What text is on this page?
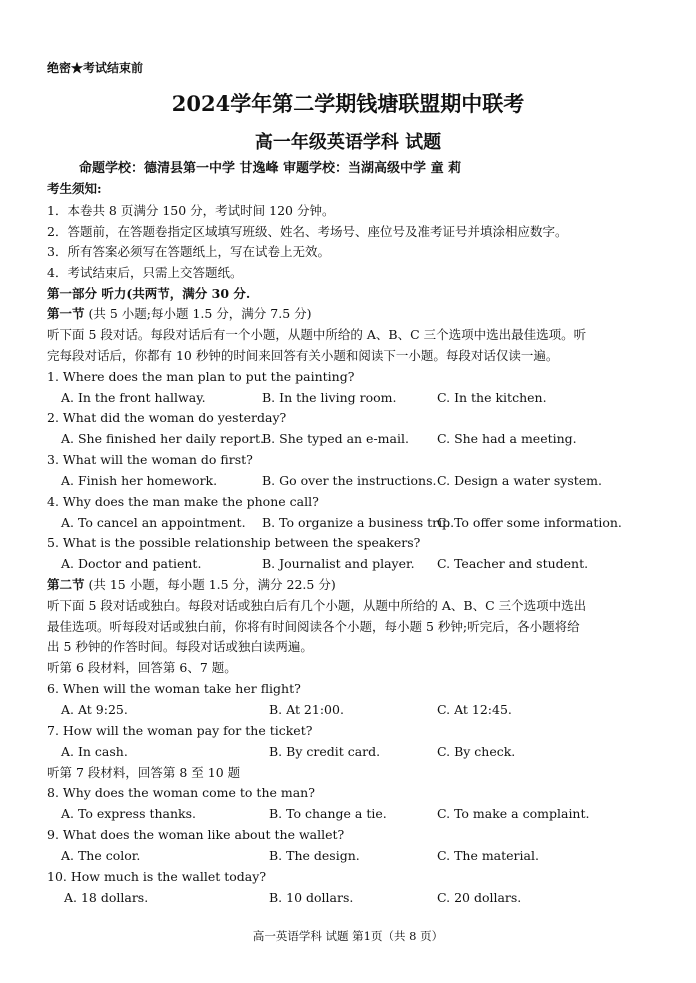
绝密★考试结束前
2024学年第二学期钱塘联盟期中联考
高一年级英语学科 试题
命题学校：德清县第一中学 甘逸峰 审题学校：当湖高级中学 童 莉
考生须知:
1．本卷共 8 页满分 150 分，考试时间 120 分钟。
2．答题前，在答题卷指定区域填写班级、姓名、考场号、座位号及准考证号并填涂相应数字。
3．所有答案必须写在答题纸上，写在试卷上无效。
4．考试结束后，只需上交答题纸。
第一部分 听力(共两节，满分 30 分.
第一节 (共 5 小题;每小题 1.5 分，满分 7.5 分)
听下面 5 段对话。每段对话后有一个小题，从题中所给的 A、B、C 三个选项中选出最佳选项。听
完每段对话后，你都有 10 秒钟的时间来回答有关小题和阅读下一小题。每段对话仅读一遍。
1. Where does the man plan to put the painting?
A. In the front hallway.	B. In the living room.	C. In the kitchen.
2. What did the woman do yesterday?
A. She finished her daily report.
B. She typed an e-mail. C. She had a meeting.
3. What will the woman do first?
A. Finish her homework.	B. Go over the instructions. C. Design a water system.
4. Why does the man make the phone call?
A. To cancel an appointment. B. To organize a business trip.
C. To offer some information.
5. What is the possible relationship between the speakers?
A. Doctor and patient.	B. Journalist and player. C. Teacher and student.
第二节 (共 15 小题，每小题 1.5 分，满分 22.5 分)
听下面 5 段对话或独白。每段对话或独白后有几个小题，从题中所给的 A、B、C 三个选项中选出
最佳选项。听每段对话或独白前，你将有时间阅读各个小题，每小题 5 秒钟;听完后，各小题将给
出 5 秒钟的作答时间。每段对话或独白读两遍。
听第 6 段材料，回答第 6、7 题。
6. When will the woman take her flight?
A. At 9:25.	B. At 21:00.	C. At 12:45.
7. How will the woman pay for the ticket?
A. In cash.	B. By credit card.	C. By check.
听第 7 段材料，回答第 8 至 10 题
8. Why does the woman come to the man?
A. To express thanks.	B. To change a tie.	C. To make a complaint.
9. What does the woman like about the wallet?
A. The color.	B. The design.	C. The material.
10. How much is the wallet today?
A. 18 dollars.	B. 10 dollars.	C. 20 dollars.
高一英语学科 试题 第1页（共 8 页）
